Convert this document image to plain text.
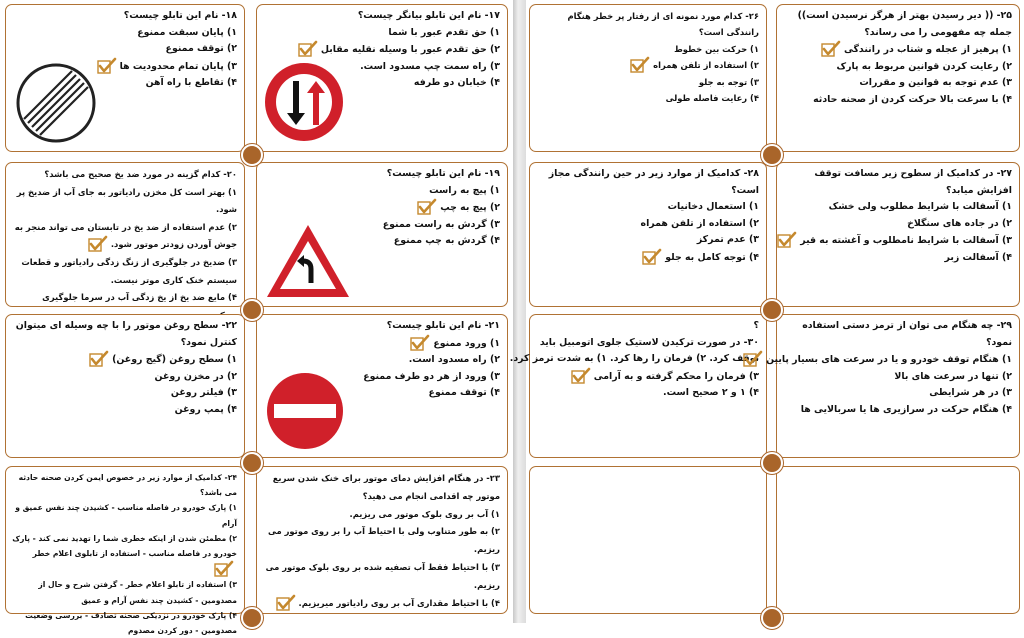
۱۸- نام این تابلو چیست؟
۱) پایان سبقت ممنوع
۲) توقف ممنوع
۳) پایان تمام محدودیت ها
۴) تقاطع با راه آهن
۱۷- نام این تابلو بیانگر چیست؟
۱) حق تقدم عبور با شما
۲) حق تقدم عبور با وسیله نقلیه مقابل
۳) راه سمت چپ مسدود است.
۴) خیابان دو طرفه
۲۰- کدام گزینه در مورد ضد یخ صحیح می باشد؟
۱) بهتر است کل مخزن رادیاتور به جای آب از ضدیخ پر شود.
۲) عدم استفاده از ضد یخ در تابستان می تواند منجر به جوش آوردن زودتر موتور شود.
۳) ضدیخ در جلوگیری از زنگ زدگی رادیاتور و قطعات سیستم خنک کاری موتر نیست.
۴) مایع ضد یخ از یخ زدگی آب در سرما جلوگیری
۱۹- نام این تابلو چیست؟
۱) پیچ به راست
۲) پیچ به چپ
۳) گردش به راست ممنوع
۴) گردش به چپ ممنوع
۲۲- سطح روغن موتور را با چه وسیله ای میتوان کنترل نمود؟
۱) سطح روغن (گیج روغن)
۲) در مخزن روغن
۳) فیلتر روغن
۴) پمپ روغن
۲۱- نام این تابلو چیست؟
۱) ورود ممنوع
۲) راه مسدود است.
۳) ورود از هر دو طرف ممنوع
۴) توقف ممنوع
۲۴- کدامیک از موارد زیر در خصوص ایمن کردن صحنه حادثه می باشد؟
۱) پارک خودرو در فاصله مناسب - کشیدن چند نفس عمیق و آرام
۲) مطمئن شدن از اینکه خطری شما را تهدید نمی کند - پارک خودرو در فاصله مناسب - استفاده از تابلوی اعلام خطر
۳) استفاده از تابلو اعلام خطر - گرفتن شرح و حال از مصدومین - کشیدن چند نفس آرام و عمیق
۴) پارک خودرو در نزدیکی صحنه تصادف - بررسی وضعیت مصدومین - دور کردن مصدوم
۲۳- در هنگام افزایش دمای موتور برای خنک شدن سریع موتور چه اقدامی انجام می دهید؟
۱) آب بر روی بلوک موتور می ریزیم.
۲) به طور متناوب ولی با احتیاط آب را بر روی موتور می ریزیم.
۳) با احتیاط فقط آب تصفیه شده بر روی بلوک موتور می ریزیم.
۴) با احتیاط مقداری آب بر روی رادیاتور میریزیم.
۲۶- کدام مورد نمونه ای از رفتار پر خطر هنگام رانندگی است؟
۱) حرکت بین خطوط
۲) استفاده از تلفن همراه
۳) توجه به جلو
۴) رعایت فاصله طولی
۲۵- (( دیر رسیدن بهتر از هرگز نرسیدن است)) جمله چه مفهومی را می رساند؟
۱) پرهیز از عجله و شتاب در رانندگی
۲) رعایت کردن قوانین مربوط به پارک
۳) عدم توجه به قوانین و مقررات
۴) با سرعت بالا حرکت کردن از صحنه حادثه
۲۸- کدامیک از موارد زیر در حین رانندگی مجاز است؟
۱) استعمال دخانیات
۲) استفاده از تلفن همراه
۳) عدم تمرکز
۴) توجه کامل به جلو
۲۷- در کدامیک از سطوح زیر مسافت توقف افزایش میابد؟
۱) آسفالت با شرایط مطلوب ولی خشک
۲) در جاده های سنگلاخ
۳) آسفالت با شرایط نامطلوب و آغشته به قیر
۴) آسفالت زبر
؟
۳۰- در صورت ترکیدن لاستیک جلوی اتومبیل باید
توقف کرد. ۲) فرمان را رها کرد. ۱) به شدت ترمز کرد.
۳) فرمان را محکم گرفته و به آرامی
۴) ۱ و ۲ صحیح است.
۲۹- چه هنگام می توان از ترمز دستی استفاده نمود؟
۱) هنگام توقف خودرو و یا در سرعت های بسیار پایین
۲) تنها در سرعت های بالا
۳) در هر شرایطی
۴) هنگام حرکت در سرازیری ها یا سربالایی ها
